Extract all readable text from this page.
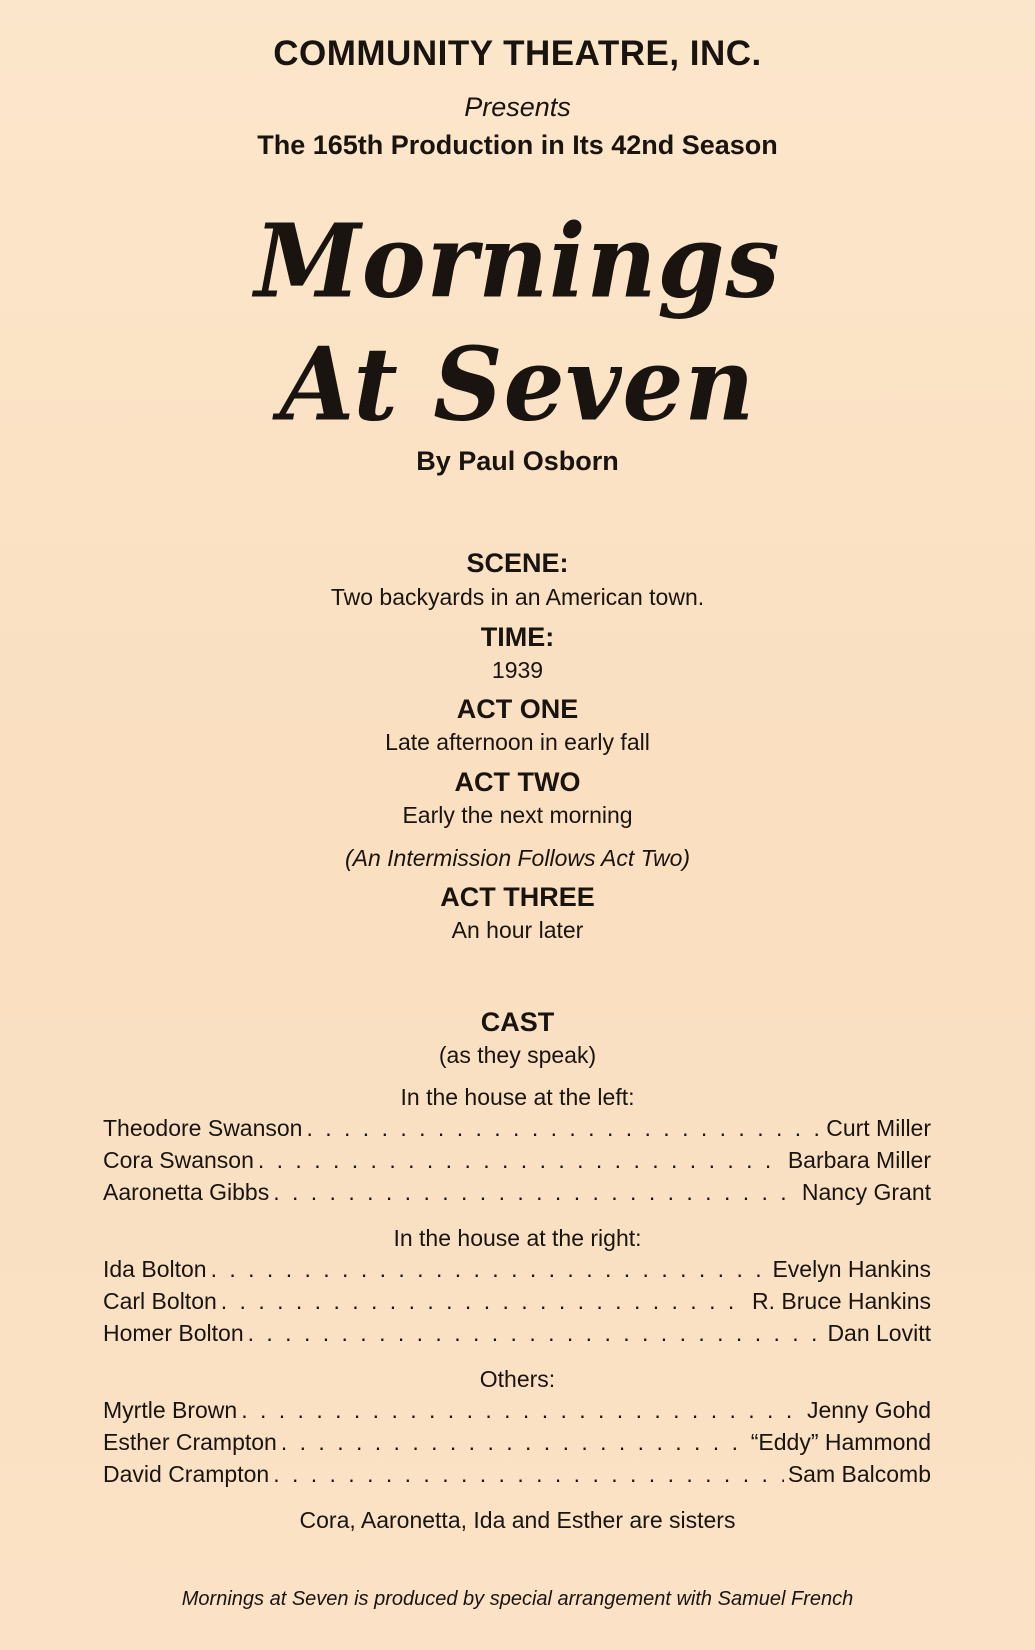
COMMUNITY THEATRE, INC.
Presents
The 165th Production in Its 42nd Season
Mornings
At Seven
By Paul Osborn
SCENE:
Two backyards in an American town.
TIME:
1939
ACT ONE
Late afternoon in early fall
ACT TWO
Early the next morning
(An Intermission Follows Act Two)
ACT THREE
An hour later
CAST
(as they speak)
In the house at the left:
Theodore Swanson . . .	Curt Miller
Cora Swanson . . .	Barbara Miller
Aaronetta Gibbs . . .	Nancy Grant
In the house at the right:
Ida Bolton . . .	Evelyn Hankins
Carl Bolton . . .	R. Bruce Hankins
Homer Bolton . . .	Dan Lovitt
Others:
Myrtle Brown . . .	Jenny Gohd
Esther Crampton . . .	“Eddy” Hammond
David Crampton . . .	Sam Balcomb
Cora, Aaronetta, Ida and Esther are sisters
Mornings at Seven is produced by special arrangement with Samuel French
